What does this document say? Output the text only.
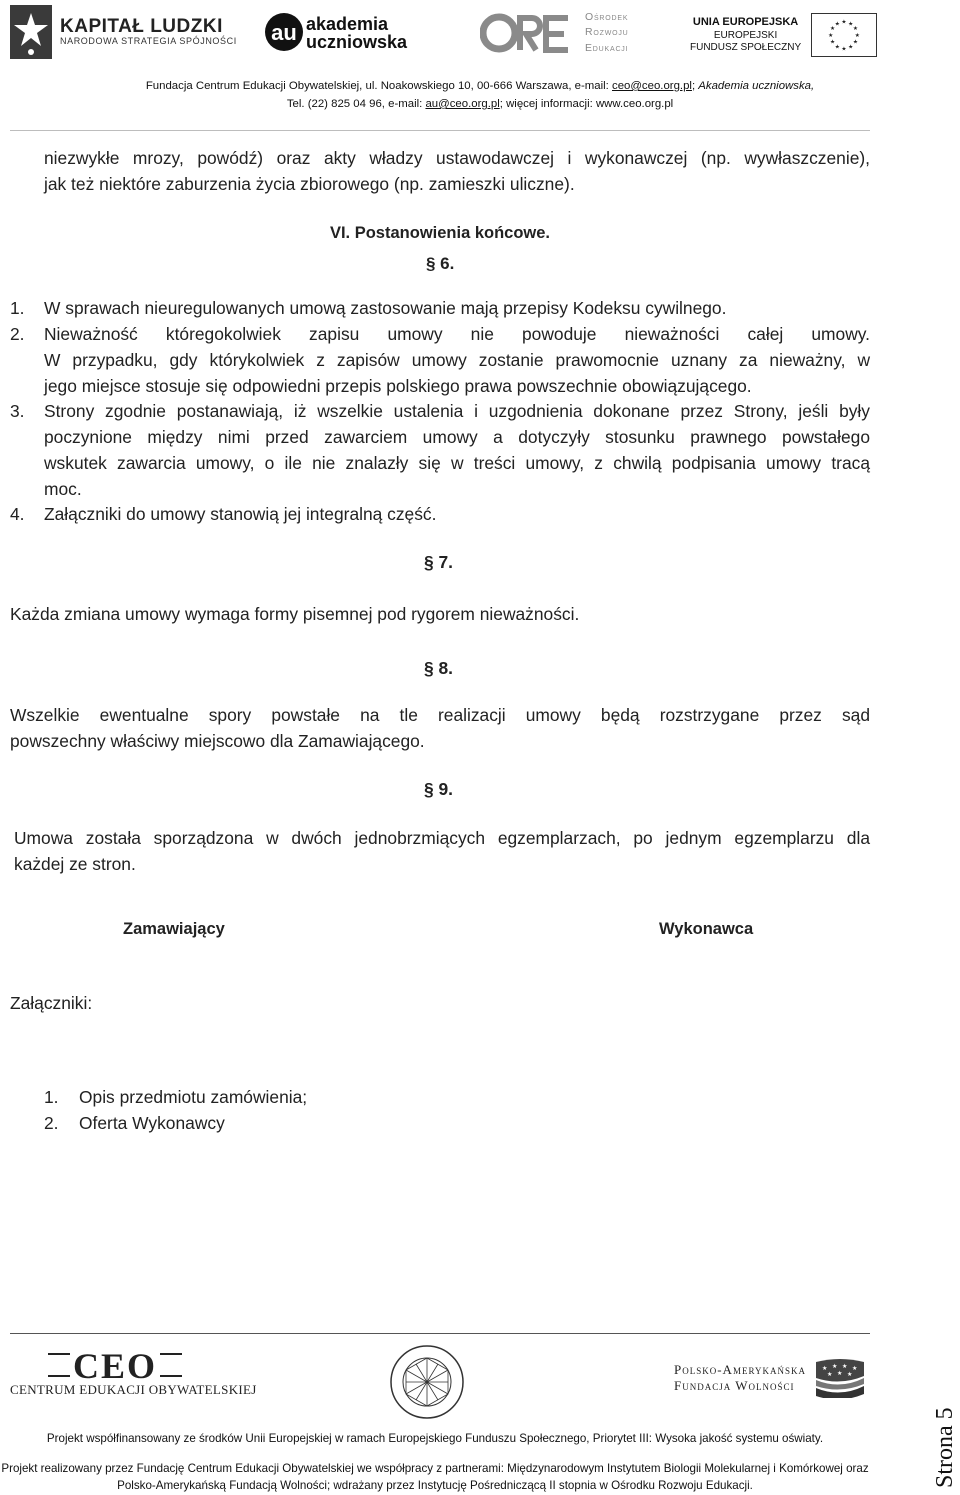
KAPITAŁ LUDZKI
NARODOWA STRATEGIA SPÓJNOŚCI au akademia
uczniowska
Ośrodek
Rozwoju
Edukacji
UNIA EUROPEJSKA
EUROPEJSKI
FUNDUSZ SPOŁECZNY
★ ★
★
★
★
★
★
★
★
★
★
★
Fundacja Centrum Edukacji Obywatelskiej, ul. Noakowskiego 10, 00-666 Warszawa, e-mail: ceo@ceo.org.pl; Akademia uczniowska,
Tel. (22) 825 04 96, e-mail: au@ceo.org.pl; więcej informacji: www.ceo.org.pl
niezwykłe mrozy, powódź) oraz akty władzy ustawodawczej i wykonawczej (np. wywłaszczenie),
jak też niektóre zaburzenia życia zbiorowego (np. zamieszki uliczne).
VI. Postanowienia końcowe.
§ 6.
1.	W sprawach nieuregulowanych umową zastosowanie mają przepisy Kodeksu cywilnego.
2.	Nieważność któregokolwiek zapisu umowy nie powoduje nieważności całej umowy.
W przypadku, gdy którykolwiek z zapisów umowy zostanie prawomocnie uznany za nieważny, w
jego miejsce stosuje się odpowiedni przepis polskiego prawa powszechnie obowiązującego.
3.	Strony zgodnie postanawiają, iż wszelkie ustalenia i uzgodnienia dokonane przez Strony, jeśli były
poczynione między nimi przed zawarciem umowy a dotyczyły stosunku prawnego powstałego
wskutek zawarcia umowy, o ile nie znalazły się w treści umowy, z chwilą podpisania umowy tracą
moc.
4.	Załączniki do umowy stanowią jej integralną część.
§ 7.
Każda zmiana umowy wymaga formy pisemnej pod rygorem nieważności.
§ 8.
Wszelkie ewentualne spory powstałe na tle realizacji umowy będą rozstrzygane przez sąd
powszechny właściwy miejscowo dla Zamawiającego.
§ 9.
Umowa została sporządzona w dwóch jednobrzmiących egzemplarzach, po jednym egzemplarzu dla
każdej ze stron.
Zamawiający	Wykonawca
Załączniki:
1.	Opis przedmiotu zamówienia;
2.	Oferta Wykonawcy
CEO
CENTRUM EDUKACJI OBYWATELSKIEJ
Polsko-Amerykańska
Fundacja Wolności
★ ★ ★ ★
★ ★ ★
Projekt współfinansowany ze środków Unii Europejskiej w ramach Europejskiego Funduszu Społecznego, Priorytet III: Wysoka jakość systemu oświaty.
Projekt realizowany przez Fundację Centrum Edukacji Obywatelskiej we współpracy z partnerami: Międzynarodowym Instytutem Biologii Molekularnej i Komórkowej oraz
Polsko-Amerykańską Fundacją Wolności; wdrażany przez Instytucję Pośredniczącą II stopnia w Ośrodku Rozwoju Edukacji.	Strona 5
